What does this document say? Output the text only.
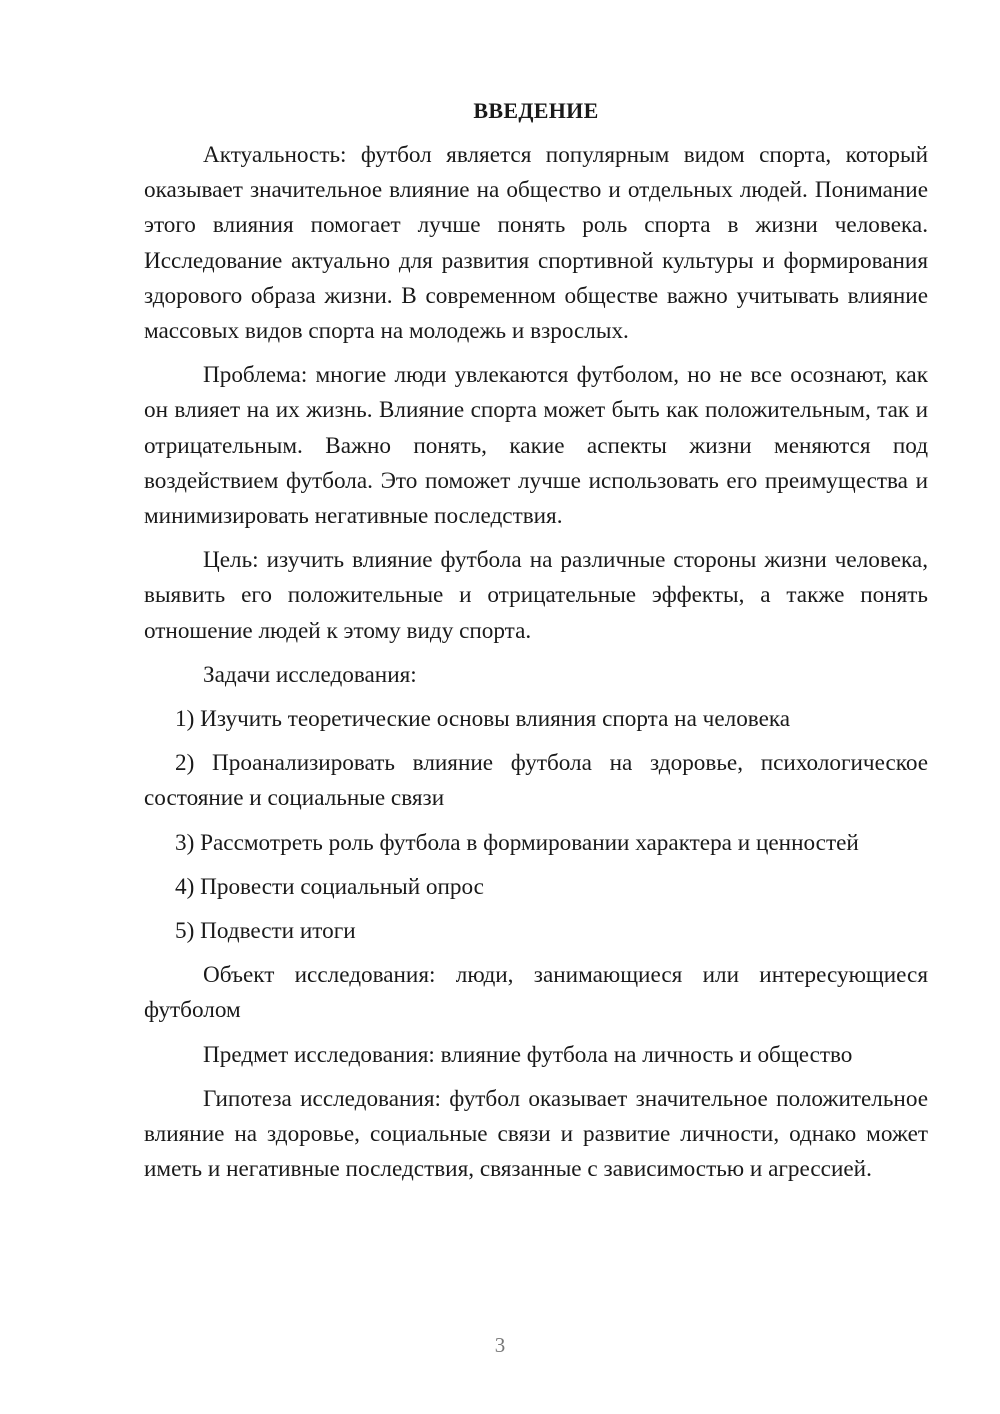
ВВЕДЕНИЕ

Актуальность: футбол является популярным видом спорта, который оказывает значительное влияние на общество и отдельных людей. Понимание этого влияния помогает лучше понять роль спорта в жизни человека. Исследование актуально для развития спортивной культуры и формирования здорового образа жизни. В современном обществе важно учитывать влияние массовых видов спорта на молодежь и взрослых.

Проблема: многие люди увлекаются футболом, но не все осознают, как он влияет на их жизнь. Влияние спорта может быть как положительным, так и отрицательным. Важно понять, какие аспекты жизни меняются под воздействием футбола. Это поможет лучше использовать его преимущества и минимизировать негативные последствия.

Цель: изучить влияние футбола на различные стороны жизни человека, выявить его положительные и отрицательные эффекты, а также понять отношение людей к этому виду спорта.

Задачи исследования:

1) Изучить теоретические основы влияния спорта на человека

2) Проанализировать влияние футбола на здоровье, психологическое состояние и социальные связи

3) Рассмотреть роль футбола в формировании характера и ценностей

4) Провести социальный опрос

5) Подвести итоги

Объект исследования: люди, занимающиеся или интересующиеся футболом

Предмет исследования: влияние футбола на личность и общество

Гипотеза исследования: футбол оказывает значительное положительное влияние на здоровье, социальные связи и развитие личности, однако может иметь и негативные последствия, связанные с зависимостью и агрессией.

3
